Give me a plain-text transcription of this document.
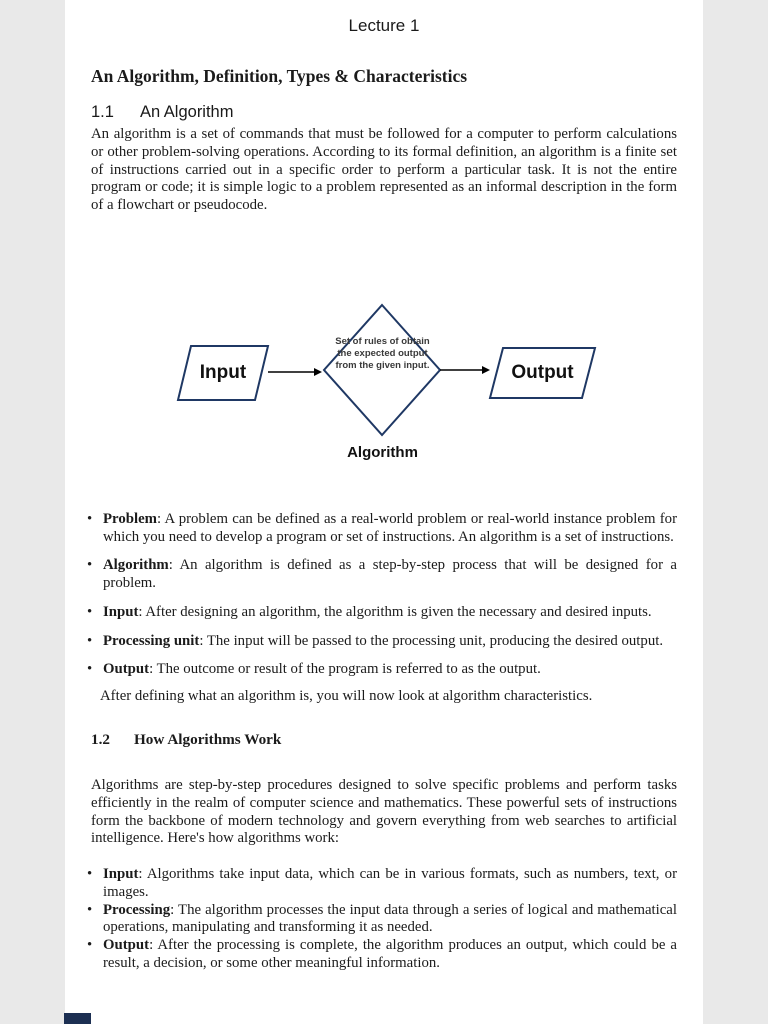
Lecture 1
An Algorithm, Definition, Types & Characteristics
1.1 An Algorithm

An algorithm is a set of commands that must be followed for a computer to perform calculations or other problem-solving operations. According to its formal definition, an algorithm is a finite set of instructions carried out in a specific order to perform a particular task. It is not the entire program or code; it is simple logic to a problem represented as an informal description in the form of a flowchart or pseudocode.

Input
Set of rules of obtain the expected output from the given input.	Output
Algorithm
• Problem: A problem can be defined as a real-world problem or real-world instance problem for which you need to develop a program or set of instructions. An algorithm is a set of instructions.
• Algorithm: An algorithm is defined as a step-by-step process that will be designed for a problem.
• Input: After designing an algorithm, the algorithm is given the necessary and desired inputs.
• Processing unit: The input will be passed to the processing unit, producing the desired output.
• Output: The outcome or result of the program is referred to as the output.

After defining what an algorithm is, you will now look at algorithm characteristics.

1.2 How Algorithms Work

Algorithms are step-by-step procedures designed to solve specific problems and perform tasks efficiently in the realm of computer science and mathematics. These powerful sets of instructions form the backbone of modern technology and govern everything from web searches to artificial intelligence. Here's how algorithms work:

• Input: Algorithms take input data, which can be in various formats, such as numbers, text, or images.
• Processing: The algorithm processes the input data through a series of logical and mathematical operations, manipulating and transforming it as needed.
• Output: After the processing is complete, the algorithm produces an output, which could be a result, a decision, or some other meaningful information.
